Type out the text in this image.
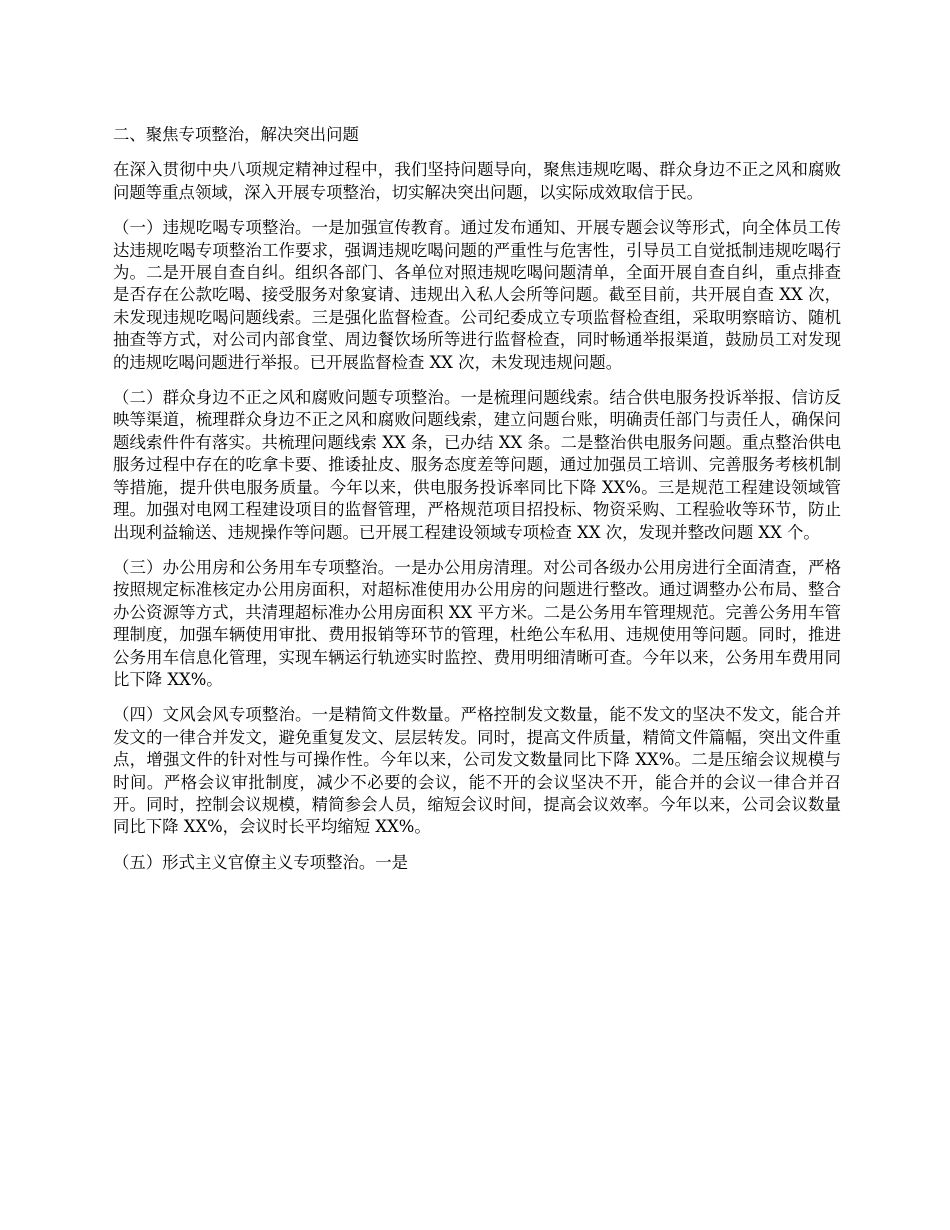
二、聚焦专项整治，解决突出问题

在深入贯彻中央八项规定精神过程中，我们坚持问题导向，聚焦违规吃喝、群众身边不正之风和腐败问题等重点领域，深入开展专项整治，切实解决突出问题，以实际成效取信于民。

（一）违规吃喝专项整治。一是加强宣传教育。通过发布通知、开展专题会议等形式，向全体员工传达违规吃喝专项整治工作要求，强调违规吃喝问题的严重性与危害性，引导员工自觉抵制违规吃喝行为。二是开展自查自纠。组织各部门、各单位对照违规吃喝问题清单，全面开展自查自纠，重点排查是否存在公款吃喝、接受服务对象宴请、违规出入私人会所等问题。截至目前，共开展自查 XX 次，未发现违规吃喝问题线索。三是强化监督检查。公司纪委成立专项监督检查组，采取明察暗访、随机抽查等方式，对公司内部食堂、周边餐饮场所等进行监督检查，同时畅通举报渠道，鼓励员工对发现的违规吃喝问题进行举报。已开展监督检查 XX 次，未发现违规问题。

（二）群众身边不正之风和腐败问题专项整治。一是梳理问题线索。结合供电服务投诉举报、信访反映等渠道，梳理群众身边不正之风和腐败问题线索，建立问题台账，明确责任部门与责任人，确保问题线索件件有落实。共梳理问题线索 XX 条，已办结 XX 条。二是整治供电服务问题。重点整治供电服务过程中存在的吃拿卡要、推诿扯皮、服务态度差等问题，通过加强员工培训、完善服务考核机制等措施，提升供电服务质量。今年以来，供电服务投诉率同比下降 XX%。三是规范工程建设领域管理。加强对电网工程建设项目的监督管理，严格规范项目招投标、物资采购、工程验收等环节，防止出现利益输送、违规操作等问题。已开展工程建设领域专项检查 XX 次，发现并整改问题 XX 个。

（三）办公用房和公务用车专项整治。一是办公用房清理。对公司各级办公用房进行全面清查，严格按照规定标准核定办公用房面积，对超标准使用办公用房的问题进行整改。通过调整办公布局、整合办公资源等方式，共清理超标准办公用房面积 XX 平方米。二是公务用车管理规范。完善公务用车管理制度，加强车辆使用审批、费用报销等环节的管理，杜绝公车私用、违规使用等问题。同时，推进公务用车信息化管理，实现车辆运行轨迹实时监控、费用明细清晰可查。今年以来，公务用车费用同比下降 XX%。

（四）文风会风专项整治。一是精简文件数量。严格控制发文数量，能不发文的坚决不发文，能合并发文的一律合并发文，避免重复发文、层层转发。同时，提高文件质量，精简文件篇幅，突出文件重点，增强文件的针对性与可操作性。今年以来，公司发文数量同比下降 XX%。二是压缩会议规模与时间。严格会议审批制度，减少不必要的会议，能不开的会议坚决不开，能合并的会议一律合并召开。同时，控制会议规模，精简参会人员，缩短会议时间，提高会议效率。今年以来，公司会议数量同比下降 XX%，会议时长平均缩短 XX%。

（五）形式主义官僚主义专项整治。一是
